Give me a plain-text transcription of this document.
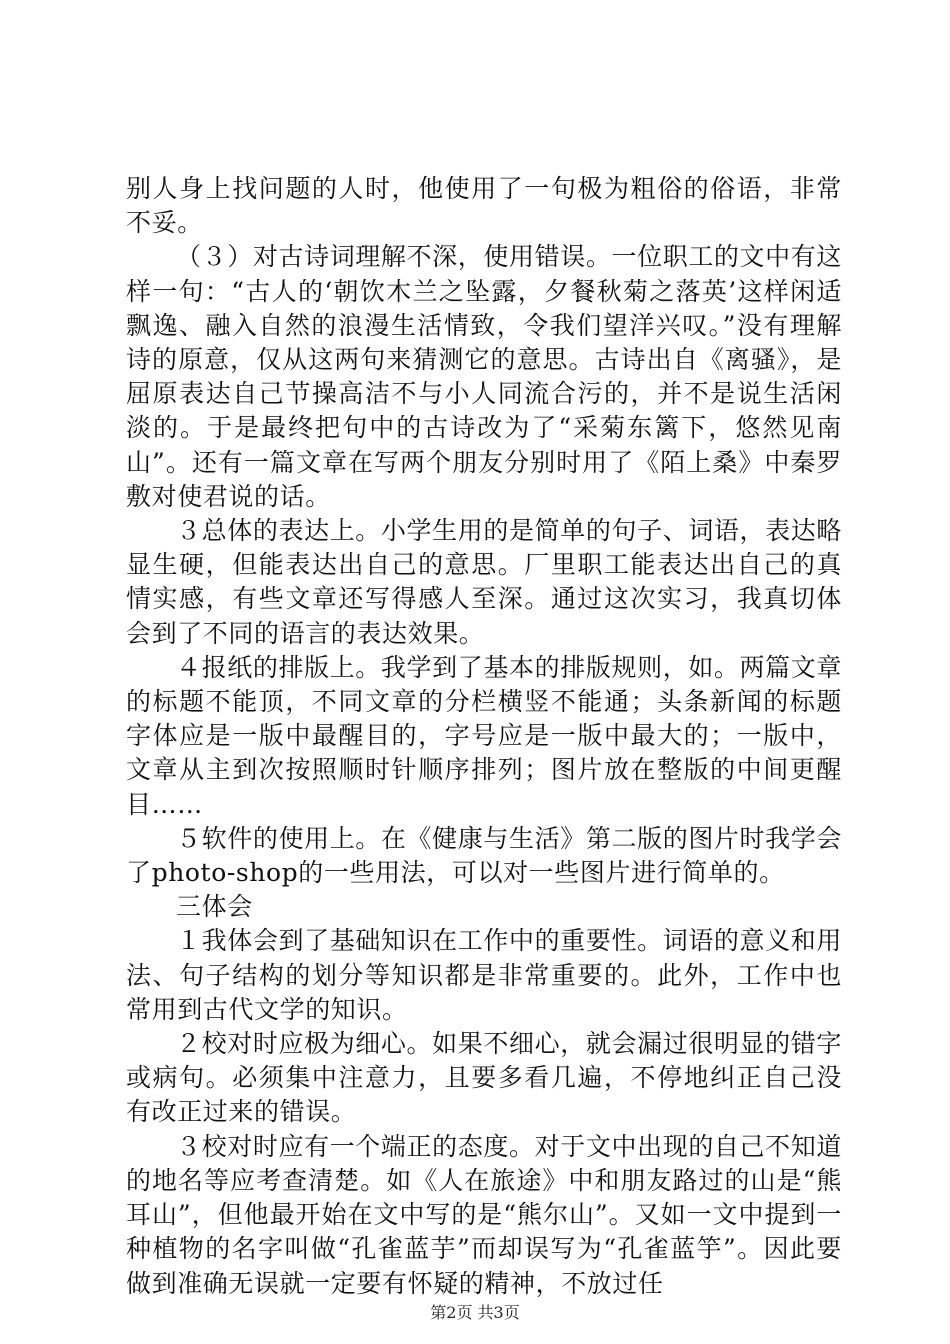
别人身上找问题的人时，他使用了一句极为粗俗的俗语，非常不妥。

（３）对古诗词理解不深，使用错误。一位职工的文中有这样一句：“古人的‘朝饮木兰之坠露，夕餐秋菊之落英’这样闲适飘逸、融入自然的浪漫生活情致，令我们望洋兴叹。”没有理解诗的原意，仅从这两句来猜测它的意思。古诗出自《离骚》，是屈原表达自己节操高洁不与小人同流合污的，并不是说生活闲淡的。于是最终把句中的古诗改为了“采菊东篱下，悠然见南山”。还有一篇文章在写两个朋友分别时用了《陌上桑》中秦罗敷对使君说的话。

３总体的表达上。小学生用的是简单的句子、词语，表达略显生硬，但能表达出自己的意思。厂里职工能表达出自己的真情实感，有些文章还写得感人至深。通过这次实习，我真切体会到了不同的语言的表达效果。

４报纸的排版上。我学到了基本的排版规则，如。两篇文章的标题不能顶，不同文章的分栏横竖不能通；头条新闻的标题字体应是一版中最醒目的，字号应是一版中最大的；一版中，文章从主到次按照顺时针顺序排列；图片放在整版的中间更醒目……

５软件的使用上。在《健康与生活》第二版的图片时我学会了photo-shop的一些用法，可以对一些图片进行简单的。

三体会

１我体会到了基础知识在工作中的重要性。词语的意义和用法、句子结构的划分等知识都是非常重要的。此外，工作中也常用到古代文学的知识。

２校对时应极为细心。如果不细心，就会漏过很明显的错字或病句。必须集中注意力，且要多看几遍，不停地纠正自己没有改正过来的错误。

３校对时应有一个端正的态度。对于文中出现的自己不知道的地名等应考查清楚。如《人在旅途》中和朋友路过的山是“熊耳山”，但他最开始在文中写的是“熊尔山”。又如一文中提到一种植物的名字叫做“孔雀蓝芋”而却误写为“孔雀蓝竽”。因此要做到准确无误就一定要有怀疑的精神，不放过任

第2页 共3页
